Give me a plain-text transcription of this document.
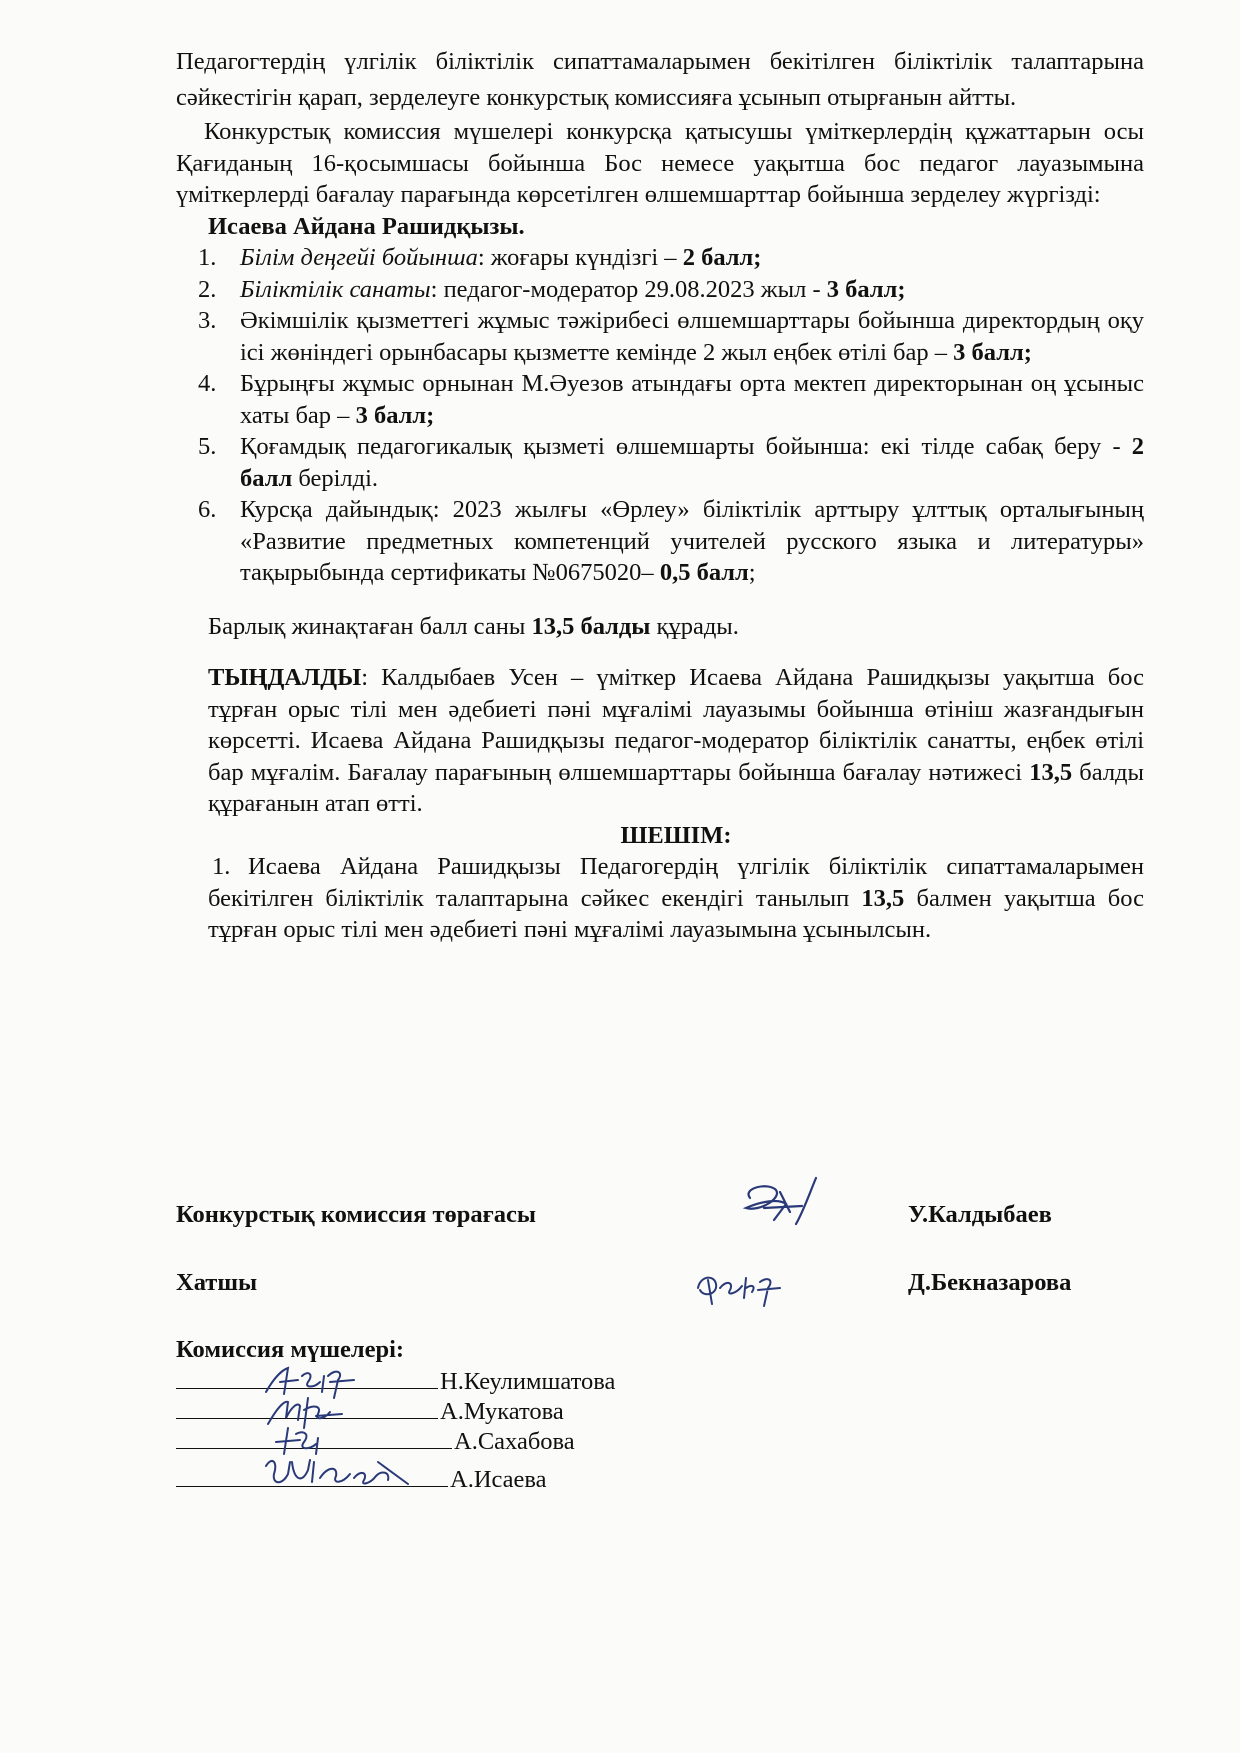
Педагогтердің үлгілік біліктілік сипаттамаларымен бекітілген біліктілік талаптарына сәйкестігін қарап, зерделеуге конкурстық комиссияға ұсынып отырғанын айтты.

Конкурстық комиссия мүшелері конкурсқа қатысушы үміткерлердің құжаттарын осы Қағиданың 16-қосымшасы бойынша Бос немесе уақытша бос педагог лауазымына үміткерлерді бағалау парағында көрсетілген өлшемшарттар бойынша зерделеу жүргізді:

Исаева Айдана Рашидқызы.
1. Білім деңгейі бойынша: жоғары күндізгі – 2 балл;
2. Біліктілік санаты: педагог-модератор 29.08.2023 жыл - 3 балл;
3. Әкімшілік қызметтегі жұмыс тәжірибесі өлшемшарттары бойынша директордың оқу ісі жөніндегі орынбасары қызметте кемінде 2 жыл еңбек өтілі бар – 3 балл;
4. Бұрыңғы жұмыс орнынан М.Әуезов атындағы орта мектеп директорынан оң ұсыныс хаты бар – 3 балл;
5. Қоғамдық педагогикалық қызметі өлшемшарты бойынша: екі тілде сабақ беру - 2 балл берілді.
6. Курсқа дайындық: 2023 жылғы «Өрлеу» біліктілік арттыру ұлттық орталығының «Развитие предметных компетенций учителей русского языка и литературы» тақырыбында сертификаты №0675020– 0,5 балл;

Барлық жинақтаған балл саны 13,5 балды құрады.

ТЫҢДАЛДЫ: Калдыбаев Усен – үміткер Исаева Айдана Рашидқызы уақытша бос тұрған орыс тілі мен әдебиеті пәні мұғалімі лауазымы бойынша өтініш жазғандығын көрсетті. Исаева Айдана Рашидқызы педагог-модератор біліктілік санатты, еңбек өтілі бар мұғалім. Бағалау парағының өлшемшарттары бойынша бағалау нәтижесі 13,5 балды құрағанын атап өтті.

ШЕШІМ:

1. Исаева Айдана Рашидқызы Педагогердің үлгілік біліктілік сипаттамаларымен бекітілген біліктілік талаптарына сәйкес екендігі танылып 13,5 балмен уақытша бос тұрған орыс тілі мен әдебиеті пәні мұғалімі лауазымына ұсынылсын.

Конкурстық комиссия төрағасы	У.Калдыбаев
Хатшы	Д.Бекназарова
Комиссия мүшелері:
Н.Кеулимшатова
А.Мукатова
А.Сахабова
А.Исаева
